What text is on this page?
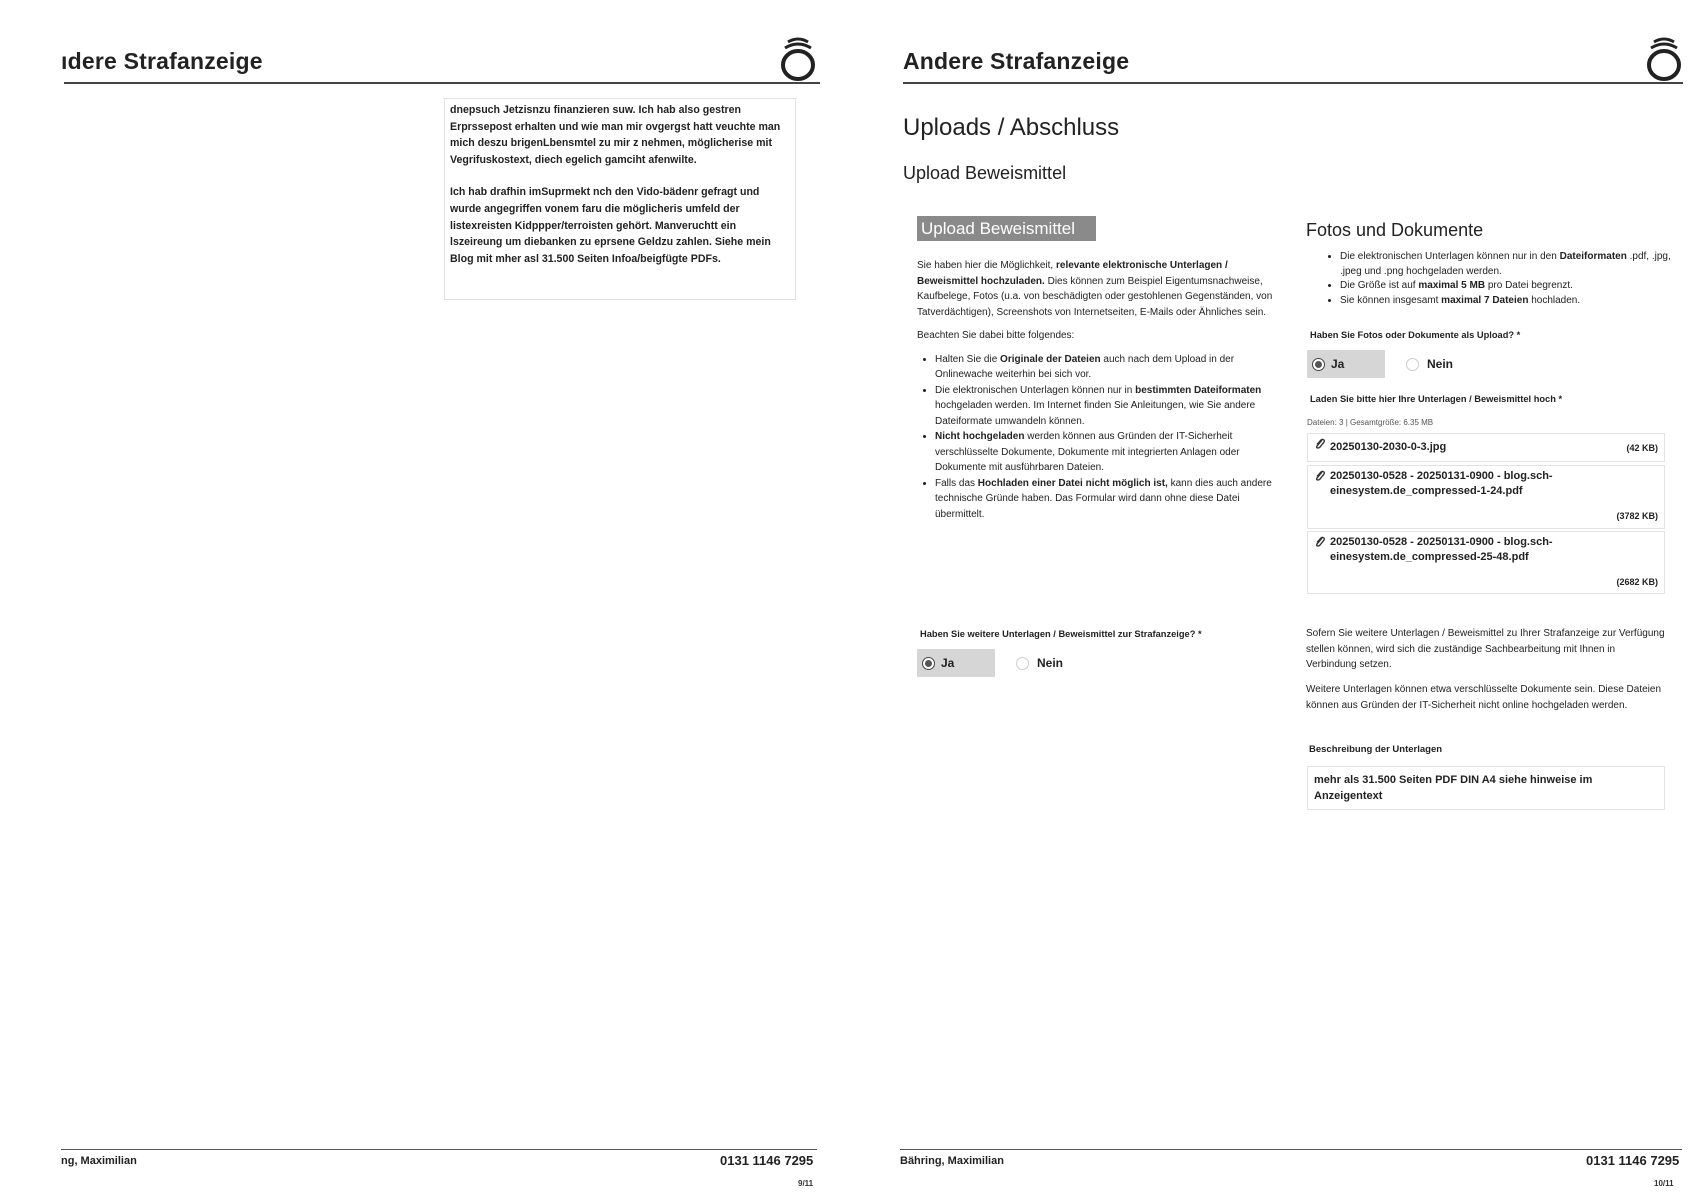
ıdere Strafanzeige

dnepsuch Jetzisnzu finanzieren suw. Ich hab also gestren Erprssepost erhalten und wie man mir ovgergst hatt veuchte man mich deszu brigenLbensmtel zu mir z nehmen, möglicherise mit Vegrifuskostext, diech egelich gamciht afenwilte.

Ich hab drafhin imSuprmekt nch den Vido-bädenr gefragt und wurde angegriffen vonem faru die möglicheris umfeld der listexreisten Kidppper/terroisten gehört. Manveruchtt ein lszeireung um diebanken zu eprsene Geldzu zahlen. Siehe mein Blog mit mher asl 31.500 Seiten Infoa/beigfügte PDFs.

ng, Maximilian	0131 1146 7295
9/11
Andere Strafanzeige
Uploads / Abschluss
Upload Beweismittel
Upload Beweismittel

Sie haben hier die Möglichkeit, relevante elektronische Unterlagen / Beweismittel hochzuladen. Dies können zum Beispiel Eigentumsnachweise, Kaufbelege, Fotos (u.a. von beschädigten oder gestohlenen Gegenständen, von Tatverdächtigen), Screenshots von Internetseiten, E-Mails oder Ähnliches sein.

Beachten Sie dabei bitte folgendes:

• Halten Sie die Originale der Dateien auch nach dem Upload in der Onlinewache weiterhin bei sich vor.
• Die elektronischen Unterlagen können nur in bestimmten Dateiformaten hochgeladen werden. Im Internet finden Sie Anleitungen, wie Sie andere Dateiformate umwandeln können.
• Nicht hochgeladen werden können aus Gründen der IT-Sicherheit verschlüsselte Dokumente, Dokumente mit integrierten Anlagen oder Dokumente mit ausführbaren Dateien.
• Falls das Hochladen einer Datei nicht möglich ist, kann dies auch andere technische Gründe haben. Das Formular wird dann ohne diese Datei übermittelt.
Haben Sie weitere Unterlagen / Beweismittel zur Strafanzeige? *
Ja	Nein
Fotos und Dokumente
• Die elektronischen Unterlagen können nur in den Dateiformaten .pdf, .jpg, .jpeg und .png hochgeladen werden.
• Die Größe ist auf maximal 5 MB pro Datei begrenzt.
• Sie können insgesamt maximal 7 Dateien hochladen.
Haben Sie Fotos oder Dokumente als Upload? *
Ja	Nein
Laden Sie bitte hier Ihre Unterlagen / Beweismittel hoch *
Dateien: 3 | Gesamtgröße: 6.35 MB
20250130-2030-0-3.jpg	(42 KB)
20250130-0528 - 20250131-0900 - blog.sch-einesystem.de_compressed-1-24.pdf
(3782 KB)
20250130-0528 - 20250131-0900 - blog.sch-einesystem.de_compressed-25-48.pdf
(2682 KB)

Sofern Sie weitere Unterlagen / Beweismittel zu Ihrer Strafanzeige zur Verfügung stellen können, wird sich die zuständige Sachbearbeitung mit Ihnen in Verbindung setzen.

Weitere Unterlagen können etwa verschlüsselte Dokumente sein. Diese Dateien können aus Gründen der IT-Sicherheit nicht online hochgeladen werden.

Beschreibung der Unterlagen
mehr als 31.500 Seiten PDF DIN A4 siehe hinweise im Anzeigentext
Bähring, Maximilian	0131 1146 7295
10/11
